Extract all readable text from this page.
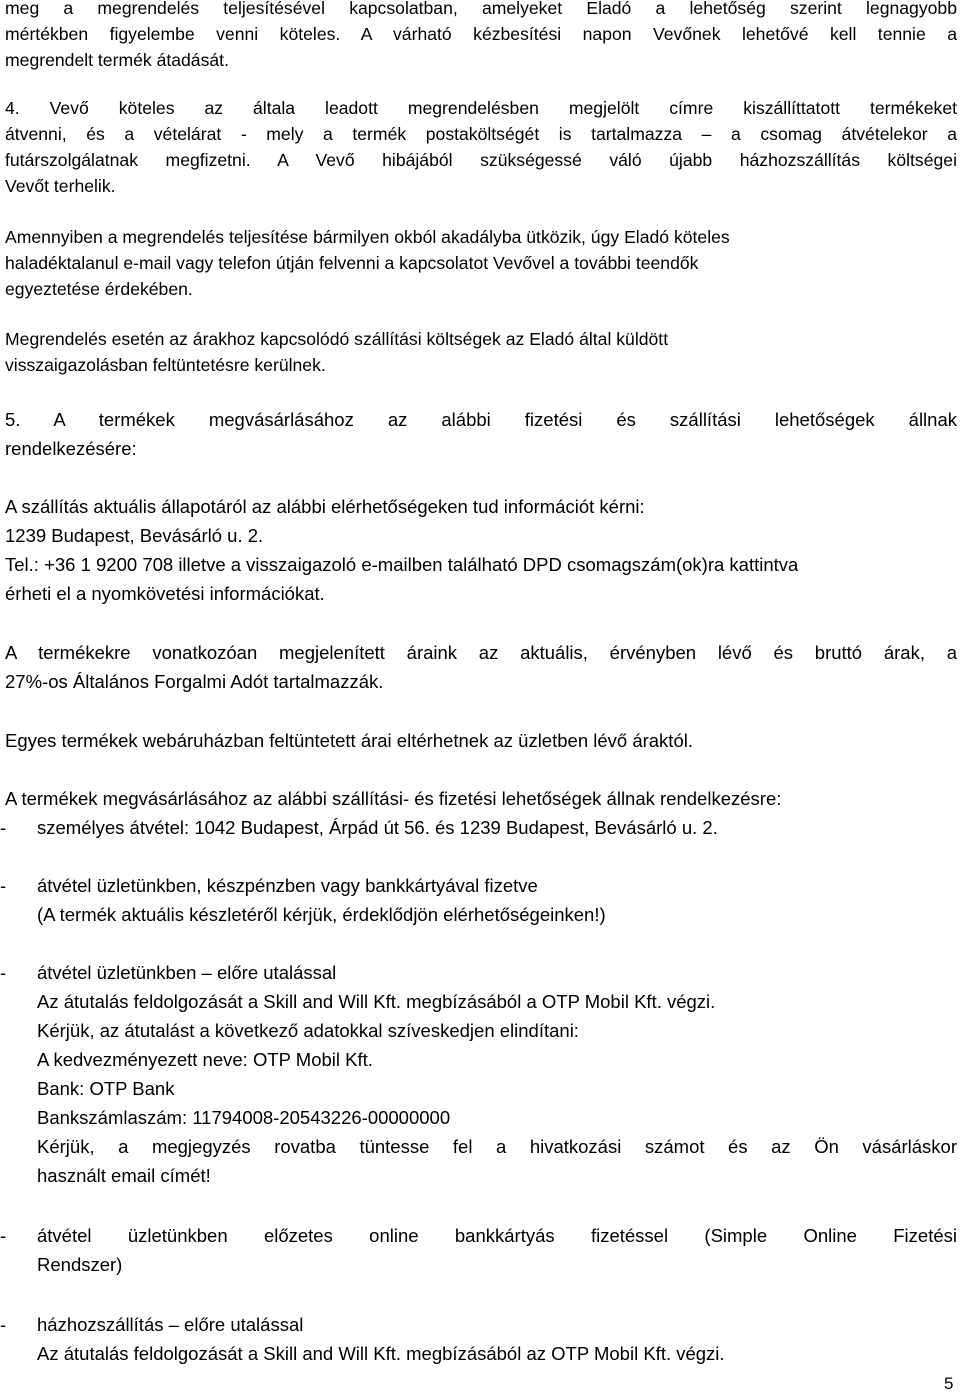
meg a megrendelés teljesítésével kapcsolatban, amelyeket Eladó a lehetőség szerint legnagyobb
mértékben figyelembe venni köteles. A várható kézbesítési napon Vevőnek lehetővé kell tennie a
megrendelt termék átadását.
4. Vevő köteles az általa leadott megrendelésben megjelölt címre kiszállíttatott termékeket
átvenni, és a vételárat - mely a termék postaköltségét is tartalmazza – a csomag átvételekor a
futárszolgálatnak megfizetni. A Vevő hibájából szükségessé váló újabb házhozszállítás költségei
Vevőt terhelik.
Amennyiben a megrendelés teljesítése bármilyen okból akadályba ütközik, úgy Eladó köteles
haladéktalanul e-mail vagy telefon útján felvenni a kapcsolatot Vevővel a további teendők
egyeztetése érdekében.
Megrendelés esetén az árakhoz kapcsolódó szállítási költségek az Eladó által küldött
visszaigazolásban feltüntetésre kerülnek.
5. A termékek megvásárlásához az alábbi fizetési és szállítási lehetőségek állnak
rendelkezésére:
A szállítás aktuális állapotáról az alábbi elérhetőségeken tud információt kérni:
1239 Budapest, Bevásárló u. 2.
Tel.: +36 1 9200 708 illetve a visszaigazoló e-mailben található DPD csomagszám(ok)ra kattintva
érheti el a nyomkövetési információkat.
A termékekre vonatkozóan megjelenített áraink az aktuális, érvényben lévő és bruttó árak, a
27%-os Általános Forgalmi Adót tartalmazzák.
Egyes termékek webáruházban feltüntetett árai eltérhetnek az üzletben lévő áraktól.
A termékek megvásárlásához az alábbi szállítási- és fizetési lehetőségek állnak rendelkezésre:
- személyes átvétel: 1042 Budapest, Árpád út 56. és 1239 Budapest, Bevásárló u. 2.
- átvétel üzletünkben, készpénzben vagy bankkártyával fizetve
(A termék aktuális készletéről kérjük, érdeklődjön elérhetőségeinken!)
- átvétel üzletünkben – előre utalással
Az átutalás feldolgozását a Skill and Will Kft. megbízásából a OTP Mobil Kft. végzi.
Kérjük, az átutalást a következő adatokkal szíveskedjen elindítani:
A kedvezményezett neve: OTP Mobil Kft.
Bank: OTP Bank
Bankszámlaszám: 11794008-20543226-00000000
Kérjük, a megjegyzés rovatba tüntesse fel a hivatkozási számot és az Ön vásárláskor
használt email címét!
- átvétel üzletünkben előzetes online bankkártyás fizetéssel (Simple Online Fizetési
Rendszer)
- házhozszállítás – előre utalással
Az átutalás feldolgozását a Skill and Will Kft. megbízásából az OTP Mobil Kft. végzi.
5
